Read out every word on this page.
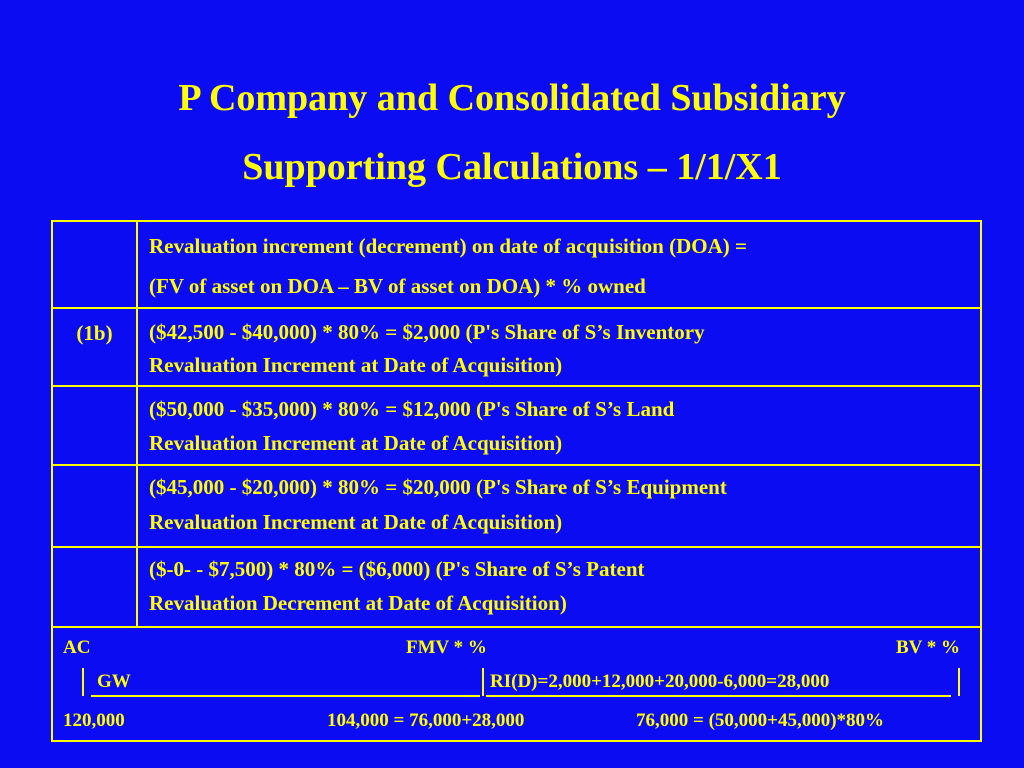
P Company and Consolidated Subsidiary
Supporting Calculations – 1/1/X1
Revaluation increment (decrement) on date of acquisition (DOA) =
(FV of asset on DOA – BV of asset on DOA) * % owned
(1b)	($42,500 - $40,000) * 80% = $2,000 (P's Share of S’s Inventory
Revaluation Increment at Date of Acquisition)
($50,000 - $35,000) * 80% = $12,000 (P's Share of S’s Land
Revaluation Increment at Date of Acquisition)
($45,000 - $20,000) * 80% = $20,000 (P's Share of S’s Equipment
Revaluation Increment at Date of Acquisition)
($-0- - $7,500) * 80% = ($6,000) (P's Share of S’s Patent
Revaluation Decrement at Date of Acquisition)
AC	FMV * %	BV * %
GW	RI(D)=2,000+12,000+20,000-6,000=28,000
120,000	104,000 = 76,000+28,000	76,000 = (50,000+45,000)*80%
